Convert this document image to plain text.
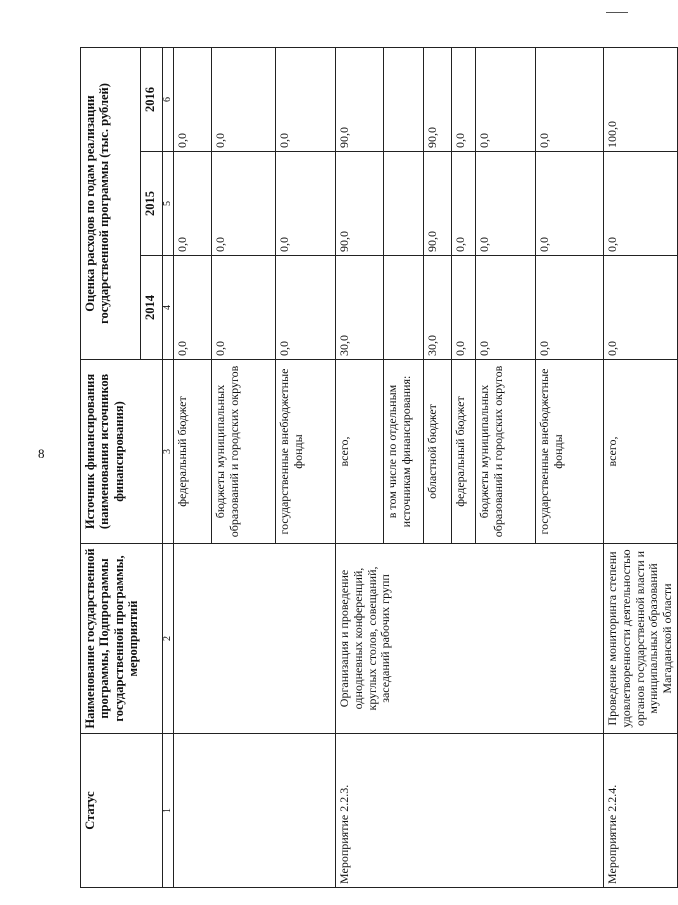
8
Статус	Наименование государственной программы, Подпрограммы государственной программы, мероприятий	Источник финансирования (наименования источников финансирования)	Оценка расходов по годам реализации государственной программы (тыс. рублей)		
			2014	2015	2016
1	2	3	4	5	6
		федеральный бюджет	0,0	0,0	0,0
		бюджеты муниципальных образований и городских округов	0,0	0,0	0,0
		государственные внебюджетные фонды	0,0	0,0	0,0
Мероприятие 2.2.3.	Организация и проведение однодневных конференций, круглых столов, совещаний, заседаний рабочих групп	всего,	30,0	90,0	90,0
		в том числе по отдельным источникам финансирования:			
		областной бюджет	30,0	90,0	90,0
		федеральный бюджет	0,0	0,0	0,0
		бюджеты муниципальных образований и городских округов	0,0	0,0	0,0
		государственные внебюджетные фонды	0,0	0,0	0,0
Мероприятие 2.2.4.	Проведение мониторинга степени удовлетворенности деятельностью органов государственной власти и муниципальных образований Магаданской области	всего,	0,0	0,0	100,0
